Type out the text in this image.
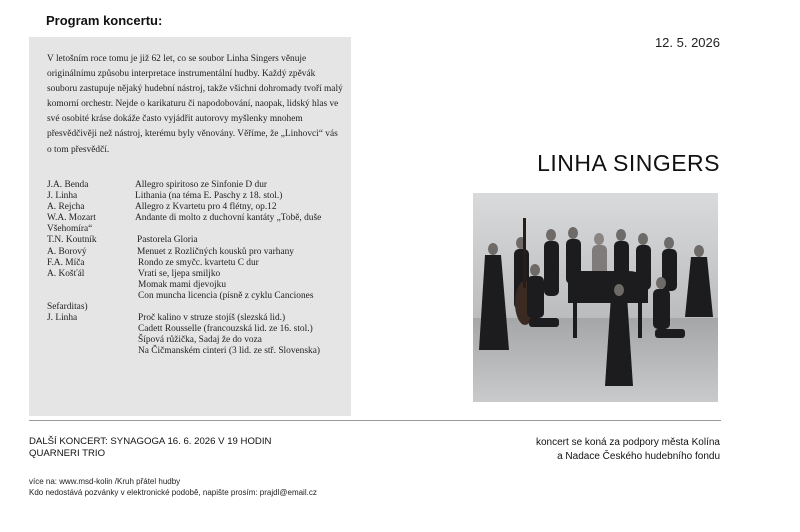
Program koncertu:

V letošním roce tomu je již 62 let, co se soubor Linha Singers věnuje originálnímu způsobu interpretace instrumentální hudby. Každý zpěvák souboru zastupuje nějaký hudební nástroj, takže všichni dohromady tvoří malý komorní orchestr. Nejde o karikaturu či napodobování, naopak, lidský hlas ve své osobité kráse dokáže často vyjádřit autorovy myšlenky mnohem přesvědčivěji než nástroj, kterému byly věnovány. Věříme, že „Linhovci“ vás o tom přesvědčí.

J.A. Benda	Allegro spiritoso ze Sinfonie D dur
J. Linha	Lithania (na téma E. Paschy z 18. stol.)
A. Rejcha	Allegro z Kvartetu pro 4 flétny, op.12
W.A. Mozart	Andante di molto z duchovní kantáty „Tobě, duše
Všehomíra“
T.N. Koutník	Pastorela Gloria
A. Borový	Menuet z Rozličných kousků pro varhany
F.A. Míča	Rondo ze smyčc. kvartetu C dur
A. Košťál	Vrati se, ljepa smiljko
Momak mami djevojku
Con muncha licencia (písně z cyklu Canciones
Sefarditas)
J. Linha	Proč kalino v struze stojíš (slezská lid.)
Cadett Rousselle (francouzská lid. ze 16. stol.)
Šípová růžička, Sadaj že do voza
Na Čičmanském cinteri (3 lid. ze stř. Slovenska)
12. 5. 2026
LINHA SINGERS
DALŠÍ KONCERT: SYNAGOGA 16. 6. 2026 V 19 HODIN
QUARNERI TRIO
koncert se koná za podpory města Kolína
a Nadace Českého hudebního fondu
více na: www.msd-kolin /Kruh přátel hudby
Kdo nedostává pozvánky v elektronické podobě, napište prosím: prajdl@email.cz
